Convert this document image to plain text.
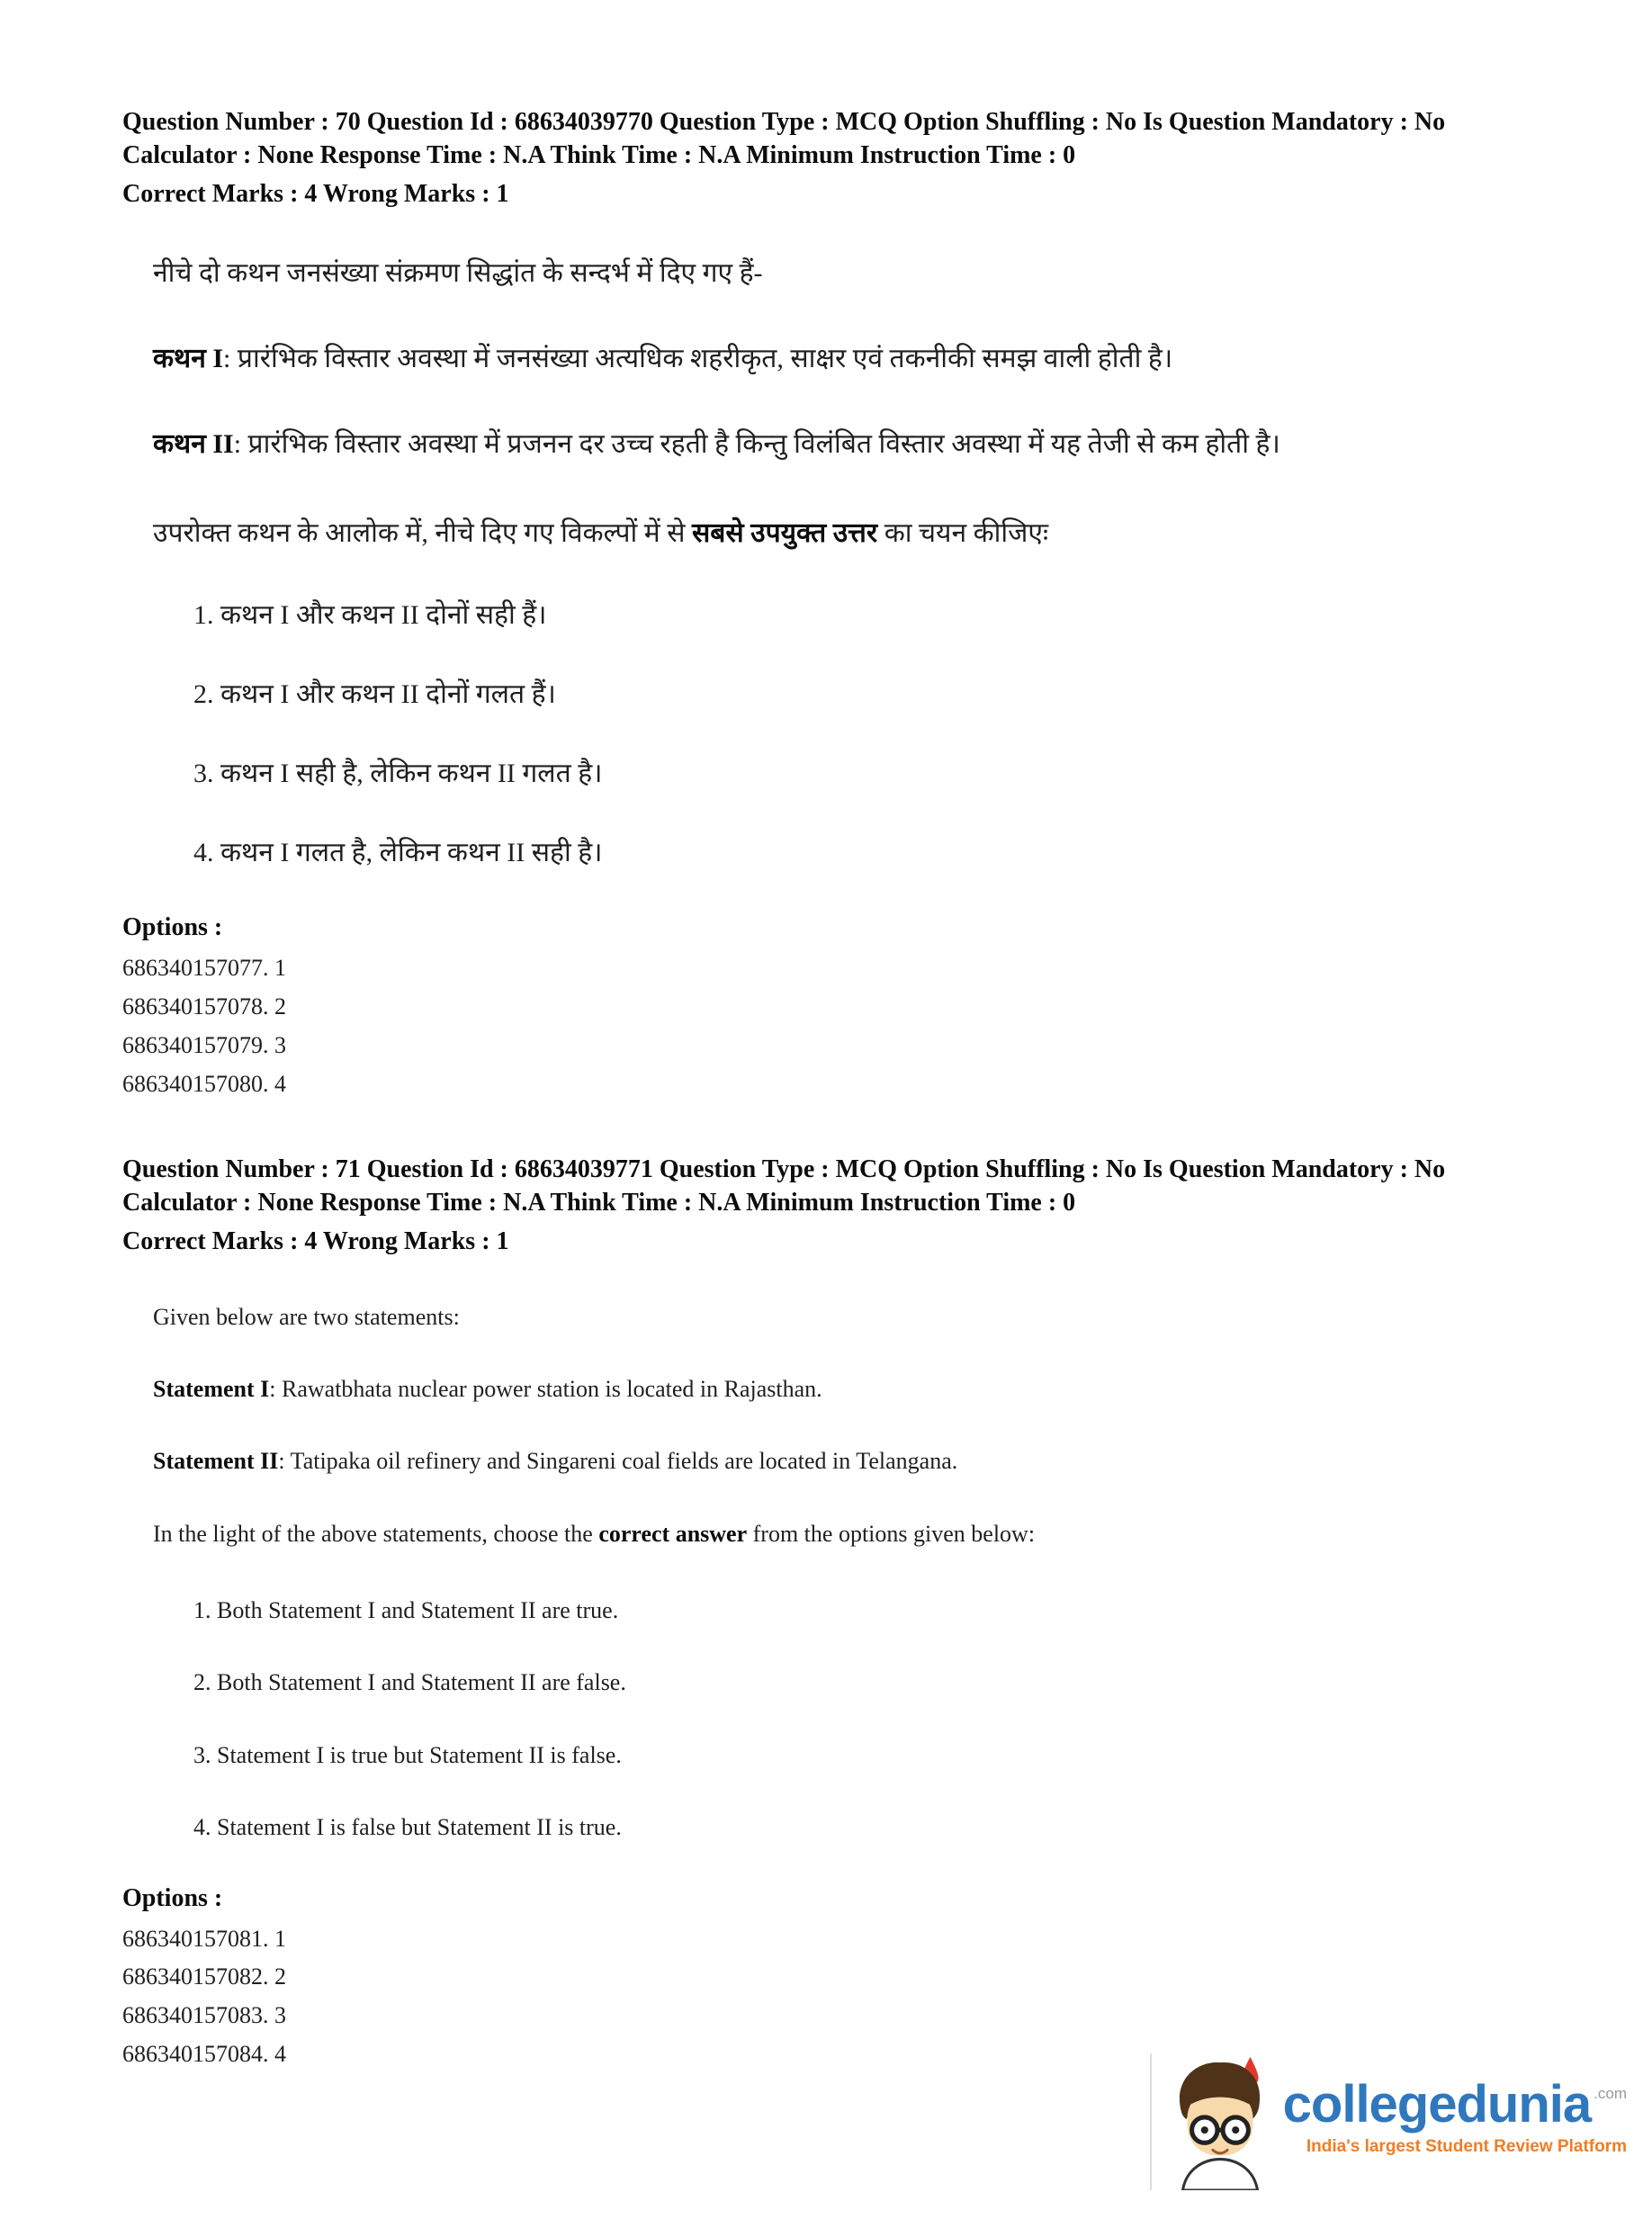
Question Number : 70 Question Id : 68634039770 Question Type : MCQ Option Shuffling : No Is Question Mandatory : No Calculator : None Response Time : N.A Think Time : N.A Minimum Instruction Time : 0

Correct Marks : 4 Wrong Marks : 1

नीचे दो कथन जनसंख्या संक्रमण सिद्धांत के सन्दर्भ में दिए गए हैं-

कथन I: प्रारंभिक विस्तार अवस्था में जनसंख्या अत्यधिक शहरीकृत, साक्षर एवं तकनीकी समझ वाली होती है।

कथन II: प्रारंभिक विस्तार अवस्था में प्रजनन दर उच्च रहती है किन्तु विलंबित विस्तार अवस्था में यह तेजी से कम होती है।

उपरोक्त कथन के आलोक में, नीचे दिए गए विकल्पों में से सबसे उपयुक्त उत्तर का चयन कीजिएः

1. कथन I और कथन II दोनों सही हैं।
2. कथन I और कथन II दोनों गलत हैं।
3. कथन I सही है, लेकिन कथन II गलत है।
4. कथन I गलत है, लेकिन कथन II सही है।

Options :

686340157077. 1
686340157078. 2
686340157079. 3
686340157080. 4

Question Number : 71 Question Id : 68634039771 Question Type : MCQ Option Shuffling : No Is Question Mandatory : No Calculator : None Response Time : N.A Think Time : N.A Minimum Instruction Time : 0

Correct Marks : 4 Wrong Marks : 1

Given below are two statements:

Statement I: Rawatbhata nuclear power station is located in Rajasthan.

Statement II: Tatipaka oil refinery and Singareni coal fields are located in Telangana.

In the light of the above statements, choose the correct answer from the options given below:

1. Both Statement I and Statement II are true.
2. Both Statement I and Statement II are false.
3. Statement I is true but Statement II is false.
4. Statement I is false but Statement II is true.

Options :

686340157081. 1
686340157082. 2
686340157083. 3
686340157084. 4
collegedunia .com
India's largest Student Review Platform
